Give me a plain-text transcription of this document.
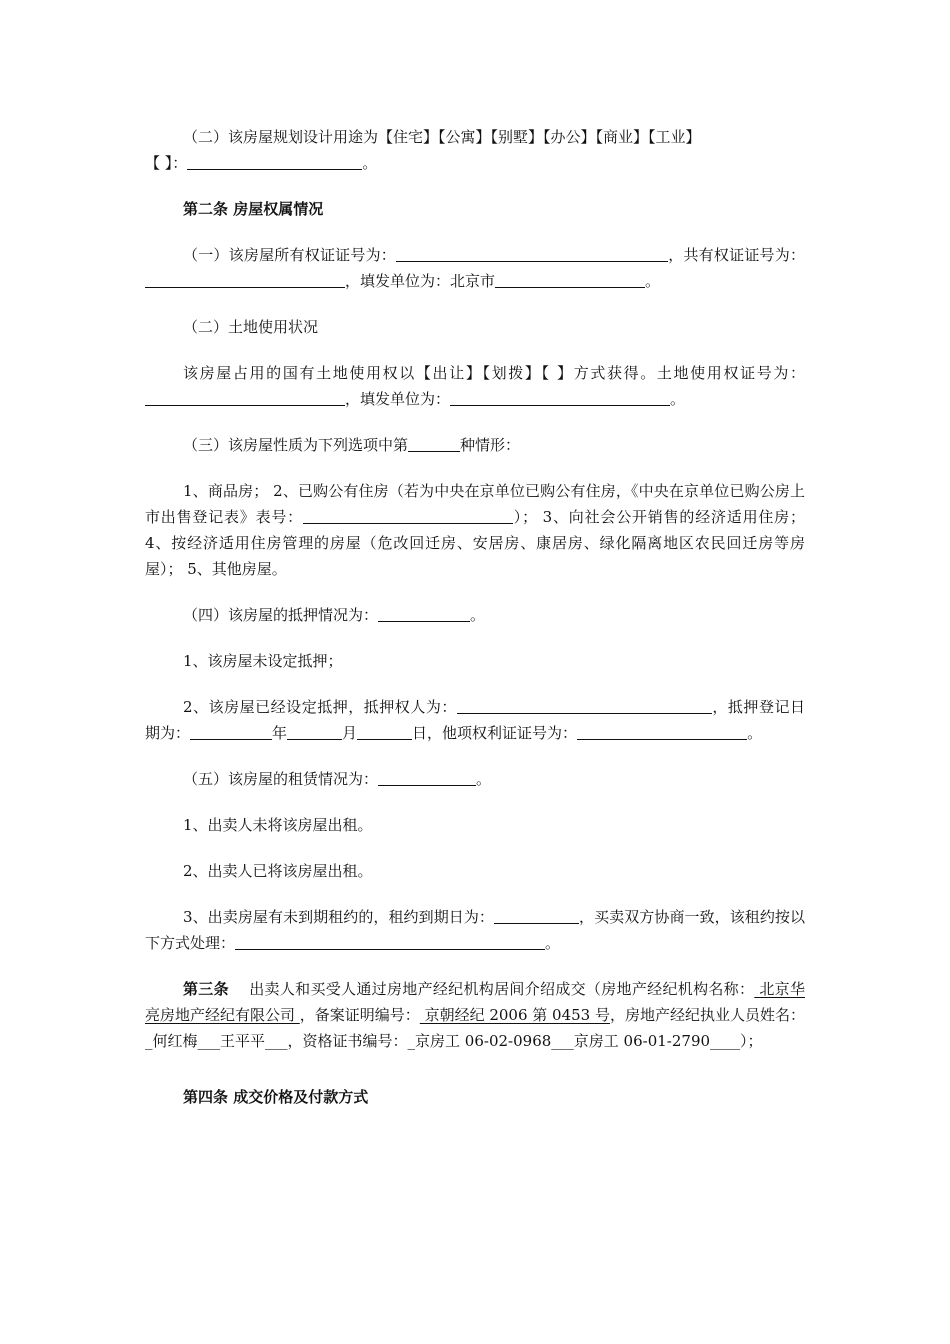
（二）该房屋规划设计用途为【住宅】【公寓】【别墅】【办公】【商业】【工业】

【 】：	。

第二条 房屋权属情况

（一）该房屋所有权证证号为：	，共有权证证号为：，填发单位为：北京市	。

（二）土地使用状况

该房屋占用的国有土地使用权以【出让】【划拨】【 】方式获得。土地使用权证号为：，填发单位为：	。

（三）该房屋性质为下列选项中第	种情形：

1、商品房； 2、已购公有住房（若为中央在京单位已购公有住房，《中央在京单位已购公房上市出售登记表》表号：	）； 3、向社会公开销售的经济适用住房； 4、按经济适用住房管理的房屋（危改回迁房、安居房、康居房、绿化隔离地区农民回迁房等房屋）； 5、其他房屋。

（四）该房屋的抵押情况为：	。

1、该房屋未设定抵押；

2、该房屋已经设定抵押，抵押权人为：	，抵押登记日期为：	年	月	日，他项权利证证号为：	。

（五）该房屋的租赁情况为：	。

1、出卖人未将该房屋出租。

2、出卖人已将该房屋出租。

3、出卖房屋有未到期租约的，租约到期日为：	，买卖双方协商一致，该租约按以下方式处理：	。

第三条 出卖人和买受人通过房地产经纪机构居间介绍成交（房地产经纪机构名称： 北京华亮房地产经纪有限公司 ，备案证明编号： 京朝经纪 2006 第 0453 号，房地产经纪执业人员姓名：_何红梅___王平平___，资格证书编号：_京房工 06-02-0968___京房工 06-01-2790____）；

第四条 成交价格及付款方式
